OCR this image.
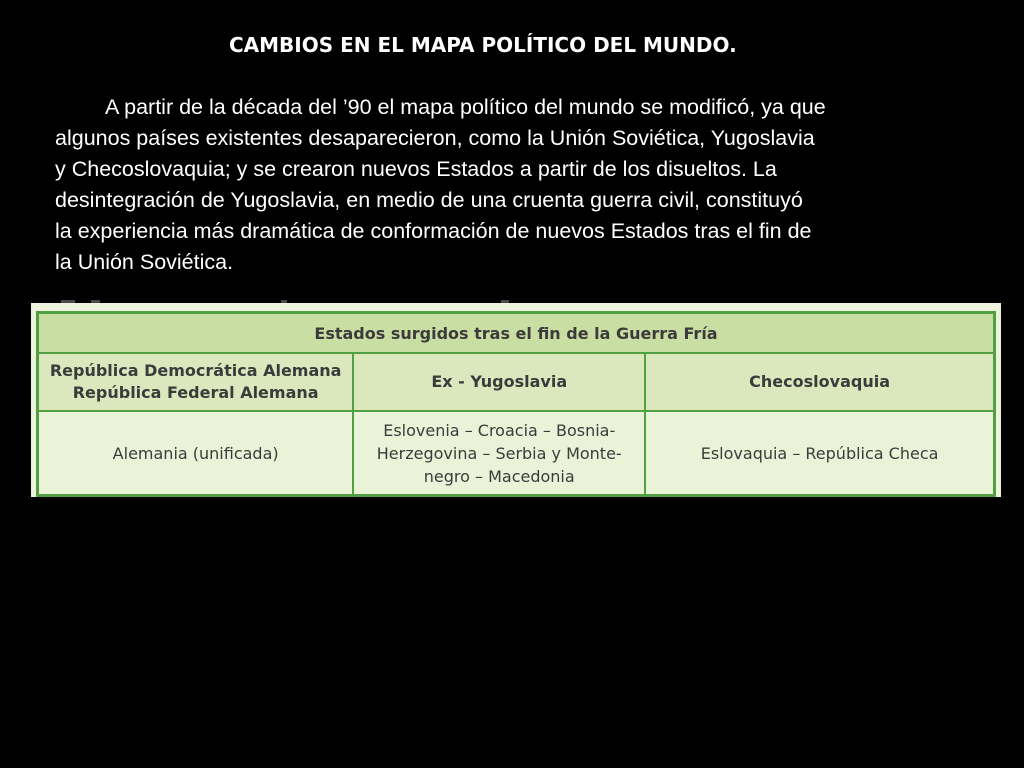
CAMBIOS EN EL MAPA POLÍTICO DEL MUNDO.

A partir de la década del ’90 el mapa político del mundo se modificó, ya que
algunos países existentes desaparecieron, como la Unión Soviética, Yugoslavia
y Checoslovaquia; y se crearon nuevos Estados a partir de los disueltos. La
desintegración de Yugoslavia, en medio de una cruenta guerra civil, constituyó
la experiencia más dramática de conformación de nuevos Estados tras el fin de
la Unión Soviética.

Estados surgidos tras el fin de la Guerra Fría		

República Democrática Alemana
República Federal Alemana	Ex - Yugoslavia	Checoslovaquia

Alemania (unificada)	Eslovenia – Croacia – Bosnia-
Herzegovina – Serbia y Monte-
negro – Macedonia	Eslovaquia – República Checa
